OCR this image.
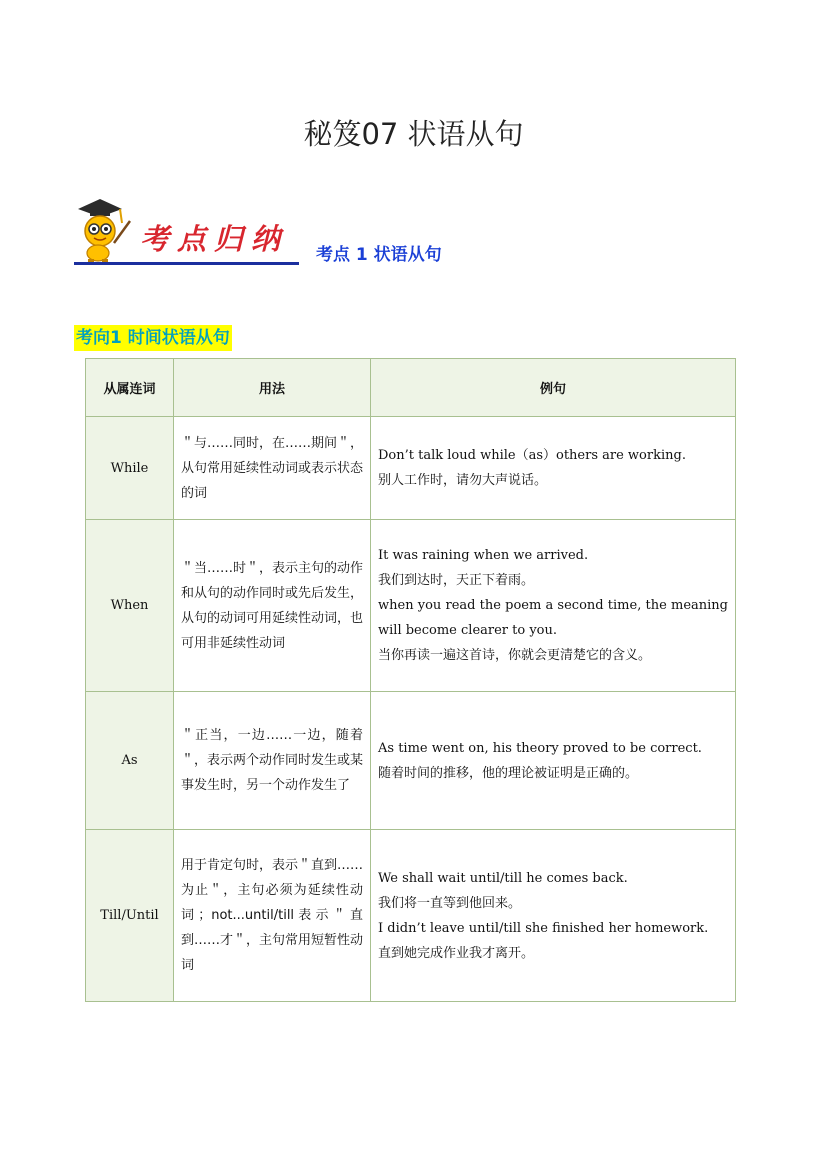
秘笈07 状语从句
考 点 归 纳 考点 1 状语从句
考向1 时间状语从句
从属连词	用法	例句
While	＂与……同时，在……期间＂，从句常用延续性动词或表示状态的词	Don’t talk loud while（as）others are working.
别人工作时，请勿大声说话。

When	＂当……时＂，表示主句的动作和从句的动作同时或先后发生，从句的动词可用延续性动词，也可用非延续性动词	It was raining when we arrived.
我们到达时，天正下着雨。
when you read the poem a second time, the meaning will become clearer to you.
当你再读一遍这首诗，你就会更清楚它的含义。

As	＂正当，一边……一边，随着＂，表示两个动作同时发生或某事发生时，另一个动作发生了	As time went on, his theory proved to be correct.
随着时间的推移，他的理论被证明是正确的。

Till/Until	用于肯定句时，表示＂直到……为止＂，主句必须为延续性动词；not...until/till表示＂直到……才＂，主句常用短暂性动词	We shall wait until/till he comes back.
我们将一直等到他回来。
I didn’t leave until/till she finished her homework.
直到她完成作业我才离开。
